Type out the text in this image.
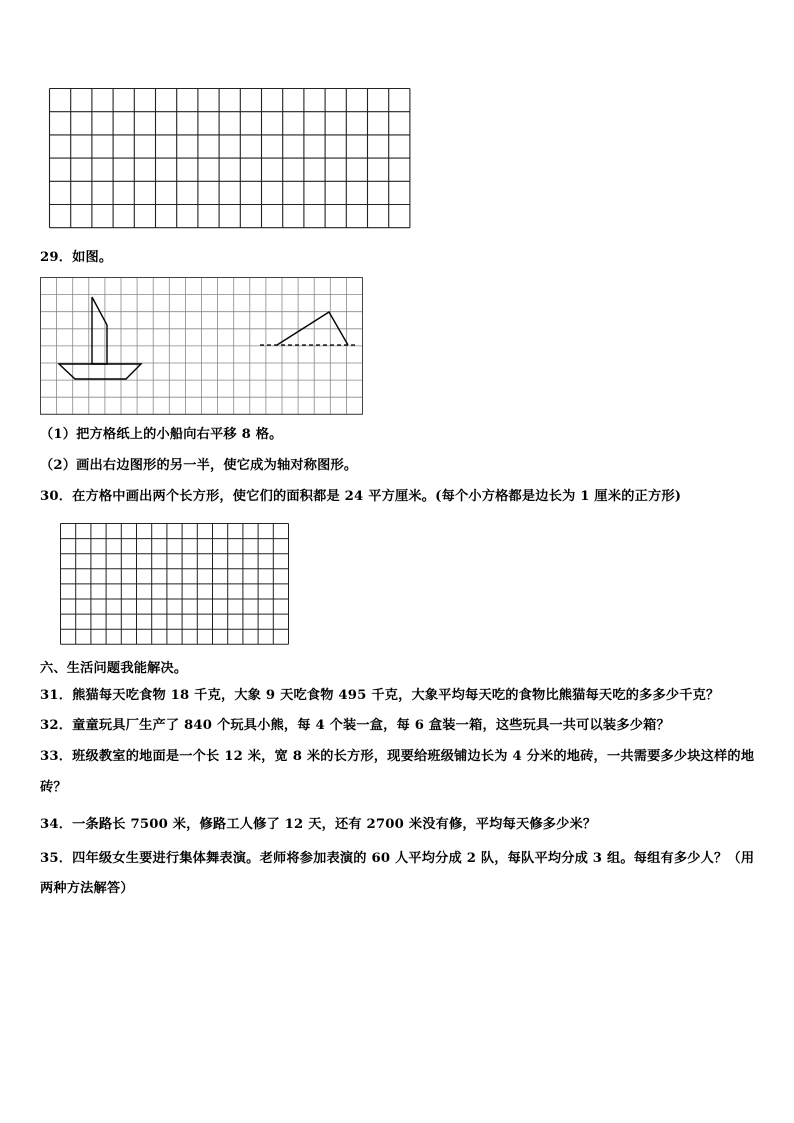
29．如图。
（1）把方格纸上的小船向右平移 8 格。
（2）画出右边图形的另一半，使它成为轴对称图形。
30．在方格中画出两个长方形，使它们的面积都是 24 平方厘米。(每个小方格都是边长为 1 厘米的正方形)
六、生活问题我能解决。
31．熊猫每天吃食物 18 千克，大象 9 天吃食物 495 千克，大象平均每天吃的食物比熊猫每天吃的多多少千克？
32．童童玩具厂生产了 840 个玩具小熊，每 4 个装一盒，每 6 盒装一箱，这些玩具一共可以装多少箱？
33．班级教室的地面是一个长 12 米，宽 8 米的长方形，现要给班级铺边长为 4 分米的地砖，一共需要多少块这样的地
砖？
34．一条路长 7500 米，修路工人修了 12 天，还有 2700 米没有修，平均每天修多少米？
35．四年级女生要进行集体舞表演。老师将参加表演的 60 人平均分成 2 队，每队平均分成 3 组。每组有多少人？（用
两种方法解答）
